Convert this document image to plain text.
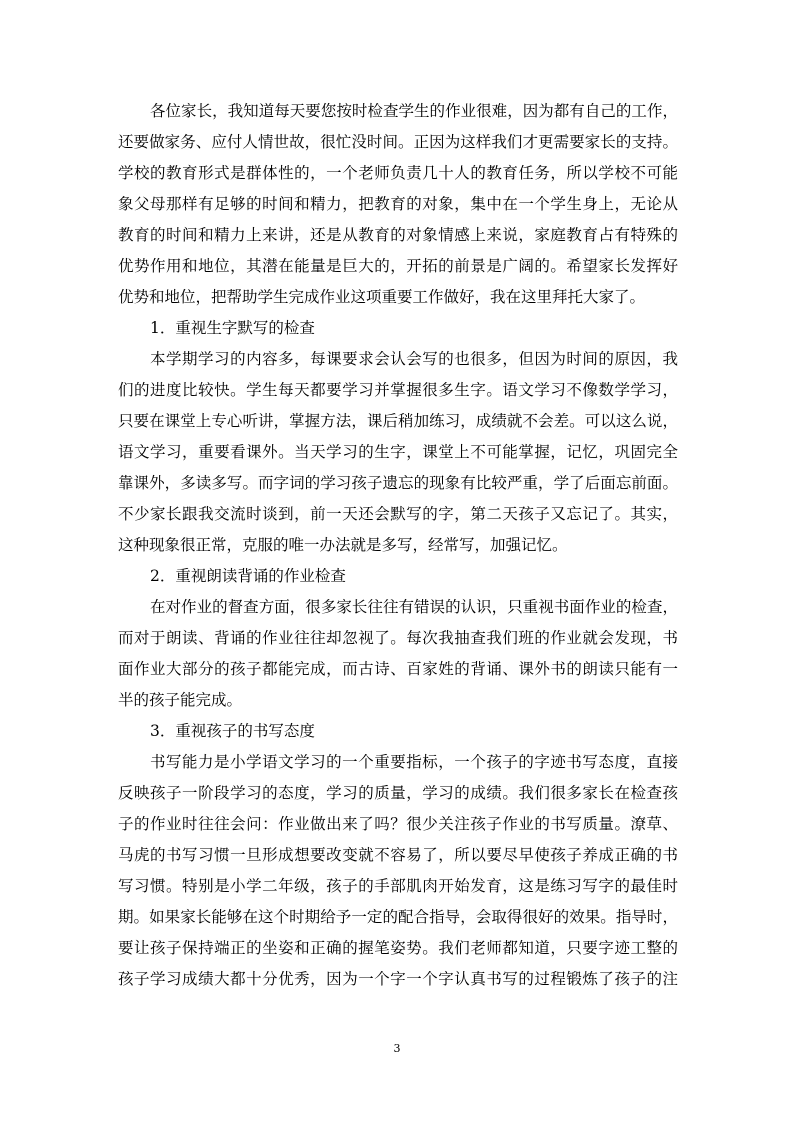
各位家长，我知道每天要您按时检查学生的作业很难，因为都有自己的工作，
还要做家务、应付人情世故，很忙没时间。正因为这样我们才更需要家长的支持。
学校的教育形式是群体性的，一个老师负责几十人的教育任务，所以学校不可能
象父母那样有足够的时间和精力，把教育的对象，集中在一个学生身上，无论从
教育的时间和精力上来讲，还是从教育的对象情感上来说，家庭教育占有特殊的
优势作用和地位，其潜在能量是巨大的，开拓的前景是广阔的。希望家长发挥好
优势和地位，把帮助学生完成作业这项重要工作做好，我在这里拜托大家了。
1．重视生字默写的检查
本学期学习的内容多，每课要求会认会写的也很多，但因为时间的原因，我
们的进度比较快。学生每天都要学习并掌握很多生字。语文学习不像数学学习，
只要在课堂上专心听讲，掌握方法，课后稍加练习，成绩就不会差。可以这么说，
语文学习，重要看课外。当天学习的生字，课堂上不可能掌握，记忆，巩固完全
靠课外，多读多写。而字词的学习孩子遗忘的现象有比较严重，学了后面忘前面。
不少家长跟我交流时谈到，前一天还会默写的字，第二天孩子又忘记了。其实，
这种现象很正常，克服的唯一办法就是多写，经常写，加强记忆。
2．重视朗读背诵的作业检查
在对作业的督查方面，很多家长往往有错误的认识，只重视书面作业的检查，
而对于朗读、背诵的作业往往却忽视了。每次我抽查我们班的作业就会发现，书
面作业大部分的孩子都能完成，而古诗、百家姓的背诵、课外书的朗读只能有一
半的孩子能完成。
3．重视孩子的书写态度
书写能力是小学语文学习的一个重要指标，一个孩子的字迹书写态度，直接
反映孩子一阶段学习的态度，学习的质量，学习的成绩。我们很多家长在检查孩
子的作业时往往会问：作业做出来了吗？很少关注孩子作业的书写质量。潦草、
马虎的书写习惯一旦形成想要改变就不容易了，所以要尽早使孩子养成正确的书
写习惯。特别是小学二年级，孩子的手部肌肉开始发育，这是练习写字的最佳时
期。如果家长能够在这个时期给予一定的配合指导，会取得很好的效果。指导时，
要让孩子保持端正的坐姿和正确的握笔姿势。我们老师都知道，只要字迹工整的
孩子学习成绩大都十分优秀，因为一个字一个字认真书写的过程锻炼了孩子的注
3
